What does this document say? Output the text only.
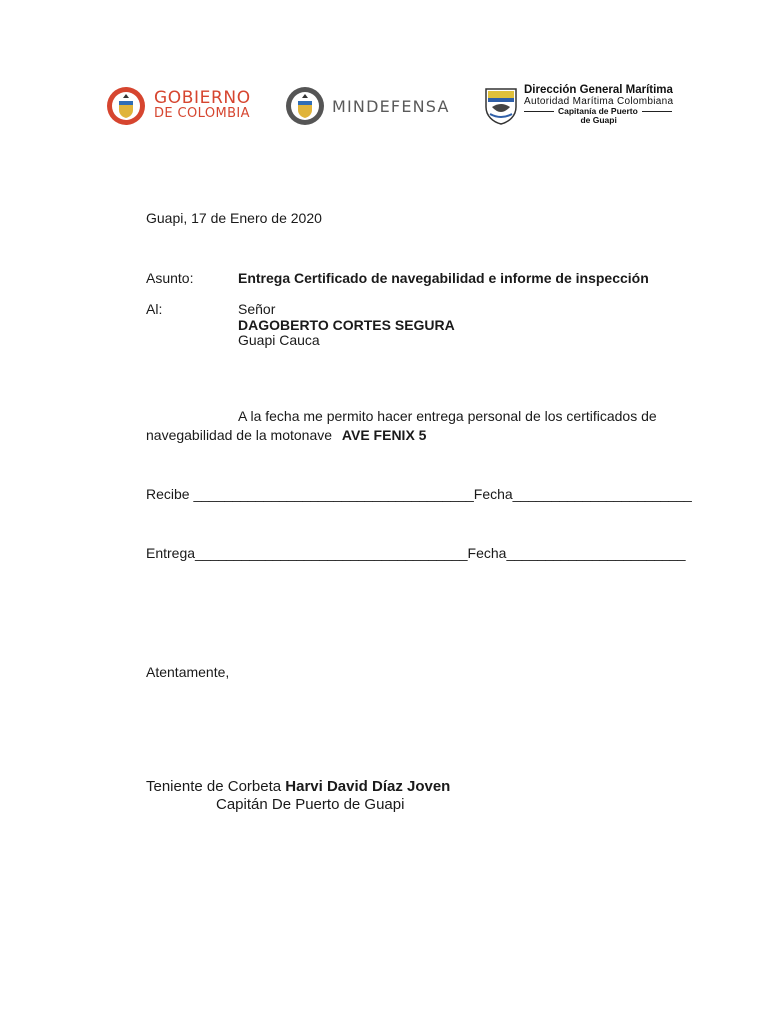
GOBIERNO
DE COLOMBIA	MINDEFENSA
Dirección General Marítima
Autoridad Marítima Colombiana
Capitanía de Puerto
de Guapi
Guapi, 17 de Enero de 2020
Asunto:	Entrega Certificado de navegabilidad e informe de inspección
Al:	Señor
DAGOBERTO CORTES SEGURA
Guapi Cauca
A la fecha me permito hacer entrega personal de los certificados de
navegabilidad de la motonave AVE FENIX 5
Recibe ____________________________________Fecha_______________________
Entrega___________________________________Fecha_______________________
Atentamente,
Teniente de Corbeta Harvi David Díaz Joven
Capitán De Puerto de Guapi
